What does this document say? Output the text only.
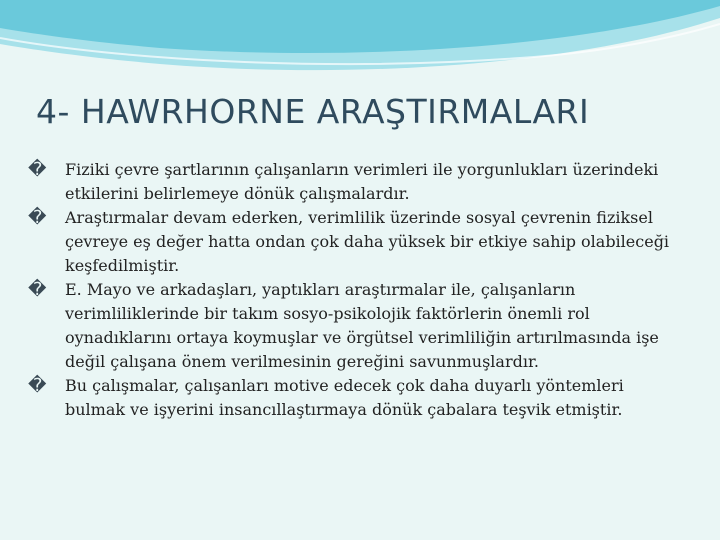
4- HAWRHORNE ARAŞTIRMALARI

�	Fiziki çevre şartlarının çalışanların verimleri ile yorgunlukları üzerindeki etkilerini belirlemeye dönük çalışmalardır.

�	Araştırmalar devam ederken, verimlilik üzerinde sosyal çevrenin fiziksel çevreye eş değer hatta ondan çok daha yüksek bir etkiye sahip olabileceği keşfedilmiştir.

�	E. Mayo ve arkadaşları, yaptıkları araştırmalar ile, çalışanların verimliliklerinde bir takım sosyo-psikolojik faktörlerin önemli rol oynadıklarını ortaya koymuşlar ve örgütsel verimliliğin artırılmasında işe değil çalışana önem verilmesinin gereğini savunmuşlardır.

�	Bu çalışmalar, çalışanları motive edecek çok daha duyarlı yöntemleri bulmak ve işyerini insancıllaştırmaya dönük çabalara teşvik etmiştir.
